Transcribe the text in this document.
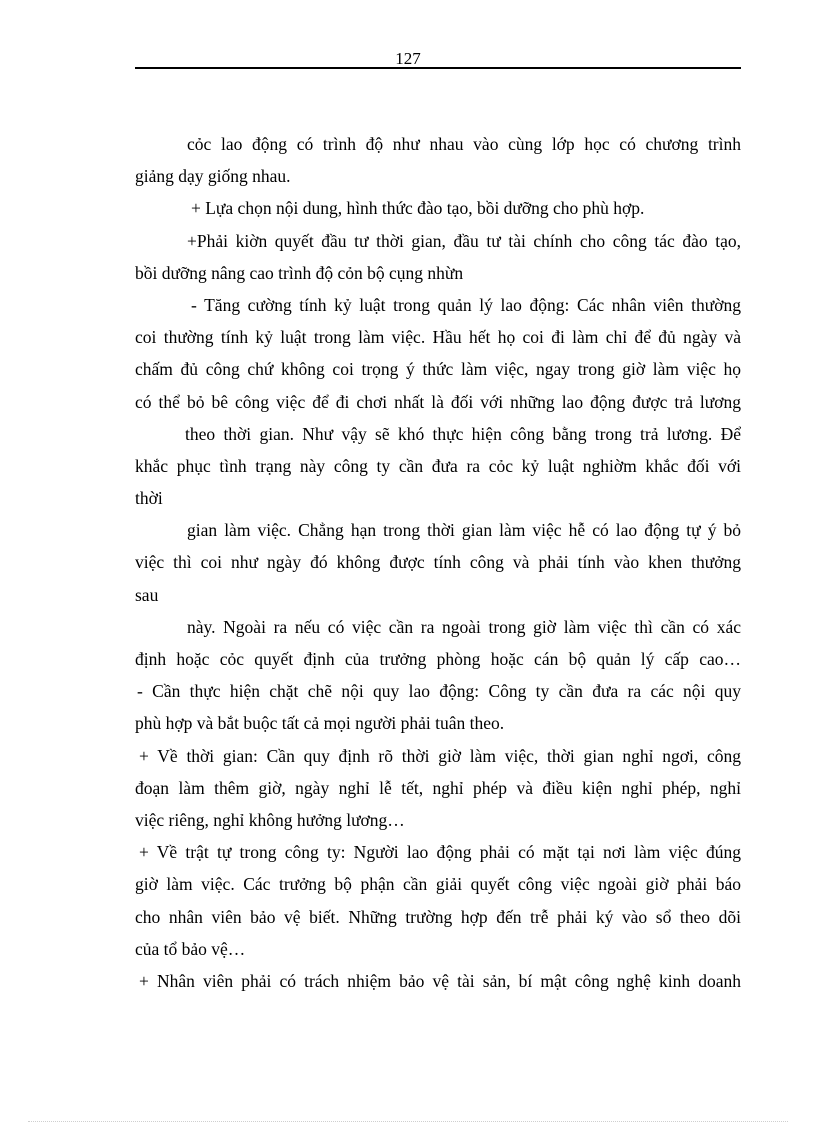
127
cỏc lao động có trình độ như nhau vào cùng lớp học có chương trình
giảng dạy giống nhau.
+ Lựa chọn nội dung, hình thức đào tạo, bồi dưỡng cho phù hợp.
+Phải kiờn quyết đầu tư thời gian, đầu tư tài chính cho công tác đào tạo,
bồi dưỡng nâng cao trình độ cỏn bộ cụng nhừn
- Tăng cường tính kỷ luật trong quản lý lao động: Các nhân viên thường
coi thường tính kỷ luật trong làm việc. Hầu hết họ coi đi làm chỉ để đủ ngày và
chấm đủ công chứ không coi trọng ý thức làm việc, ngay trong giờ làm việc họ
có thể bỏ bê công việc để đi chơi nhất là đối với những lao động được trả lương
theo thời gian. Như vậy sẽ khó thực hiện công bằng trong trả lương. Để
khắc phục tình trạng này công ty cần đưa ra cỏc kỷ luật nghiờm khắc đối với
thời
gian làm việc. Chẳng hạn trong thời gian làm việc hễ có lao động tự ý bỏ
việc thì coi như ngày đó không được tính công và phải tính vào khen thưởng
sau
này. Ngoài ra nếu có việc cần ra ngoài trong giờ làm việc thì cần có xác
định hoặc cỏc quyết định của trưởng phòng hoặc cán bộ quản lý cấp cao…
- Cần thực hiện chặt chẽ nội quy lao động: Công ty cần đưa ra các nội quy
phù hợp và bắt buộc tất cả mọi người phải tuân theo.
+ Về thời gian: Cần quy định rõ thời giờ làm việc, thời gian nghỉ ngơi, công
đoạn làm thêm giờ, ngày nghỉ lễ tết, nghỉ phép và điều kiện nghỉ phép, nghỉ
việc riêng, nghỉ không hưởng lương…
+ Về trật tự trong công ty: Người lao động phải có mặt tại nơi làm việc đúng
giờ làm việc. Các trưởng bộ phận cần giải quyết công việc ngoài giờ phải báo
cho nhân viên bảo vệ biết. Những trường hợp đến trễ phải ký vào sổ theo dõi
của tổ bảo vệ…
+ Nhân viên phải có trách nhiệm bảo vệ tài sản, bí mật công nghệ kinh doanh
